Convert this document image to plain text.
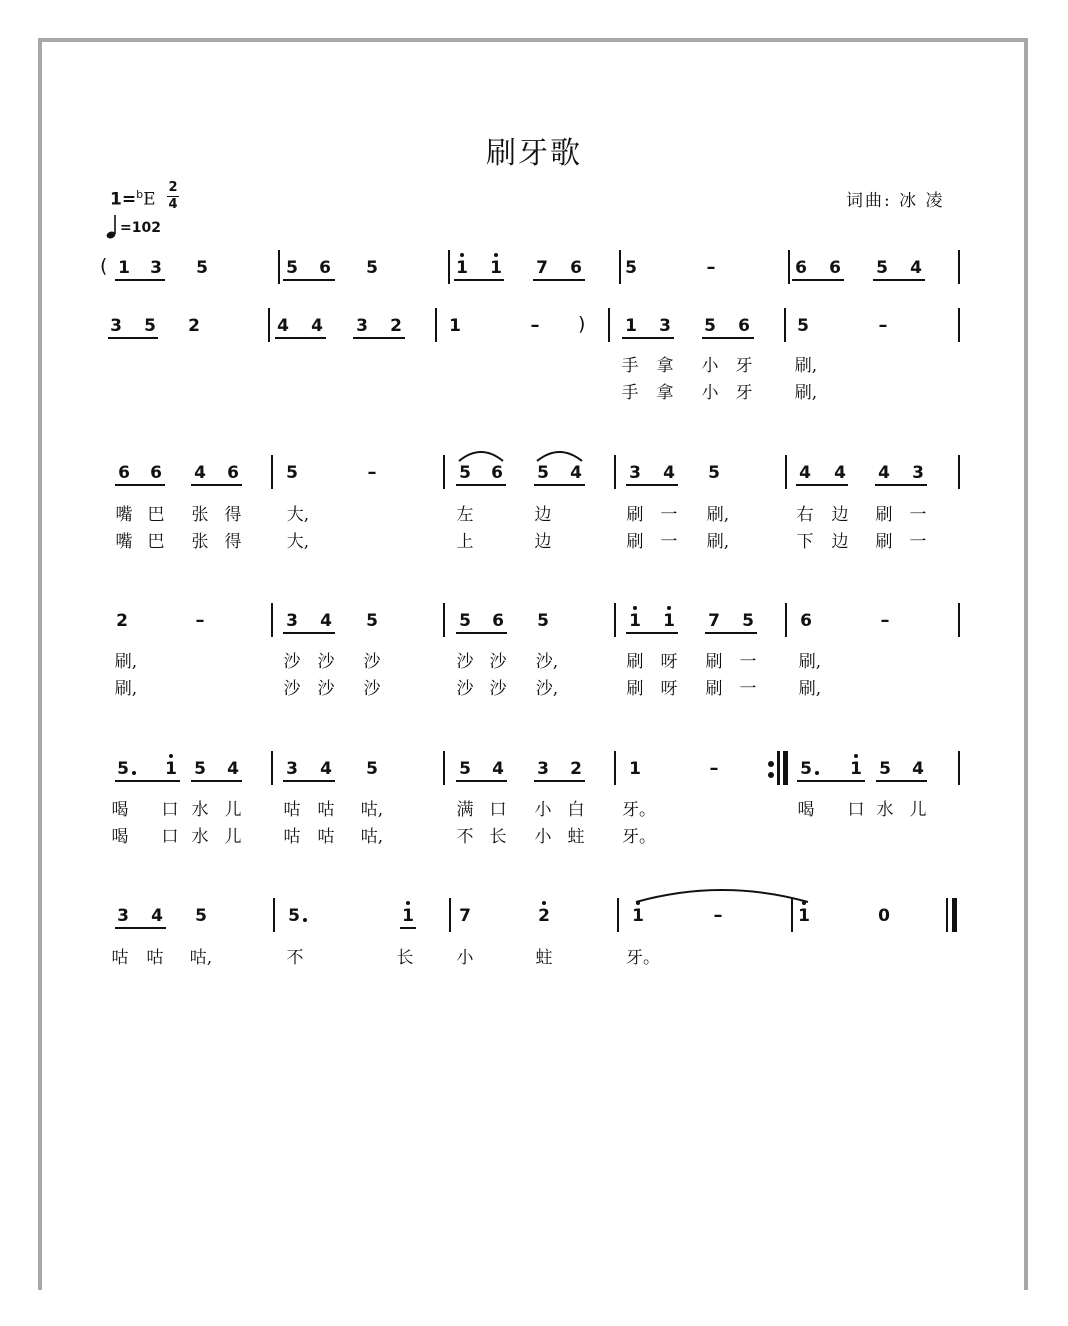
刷牙歌
1=$^b$E
2
4
=102
词曲: 冰 凌
1 3 5	5 6 5	1 1 7 6	5	–	6 6 5 4
(
3 5 2	4 4 3 2	1	–	1 3 5 6	5	–
)
手	拿	小	牙	刷,
手	拿	小	牙	刷,
6 6 4 6	5	–	5 6 5 4	3 4 5	4 4 4 3
嘴 巴	张 得	大,	左	边	刷	一	刷,	右	边	刷	一
嘴 巴	张 得	大,	上	边	刷	一	刷,	下	边	刷	一
2	–	3 4 5	5 6 5	1 1 7 5	6	–
刷,	沙	沙	沙	沙 沙	沙,	刷	呀	刷	一	刷,
刷,	沙	沙	沙	沙 沙	沙,	刷	呀	刷	一	刷,
5 1 5 4	3 4 5	5 4 3 2	1	–	5 1 5 4
喝	口 水 儿	咕	咕	咕,	满 口	小 白	牙。	喝	口 水 儿
喝	口 水 儿	咕	咕	咕,	不 长	小 蛀	牙。
3 4 5	5	1	7	2	1	–	1	0
咕	咕	咕,	不	长	小	蛀	牙。
